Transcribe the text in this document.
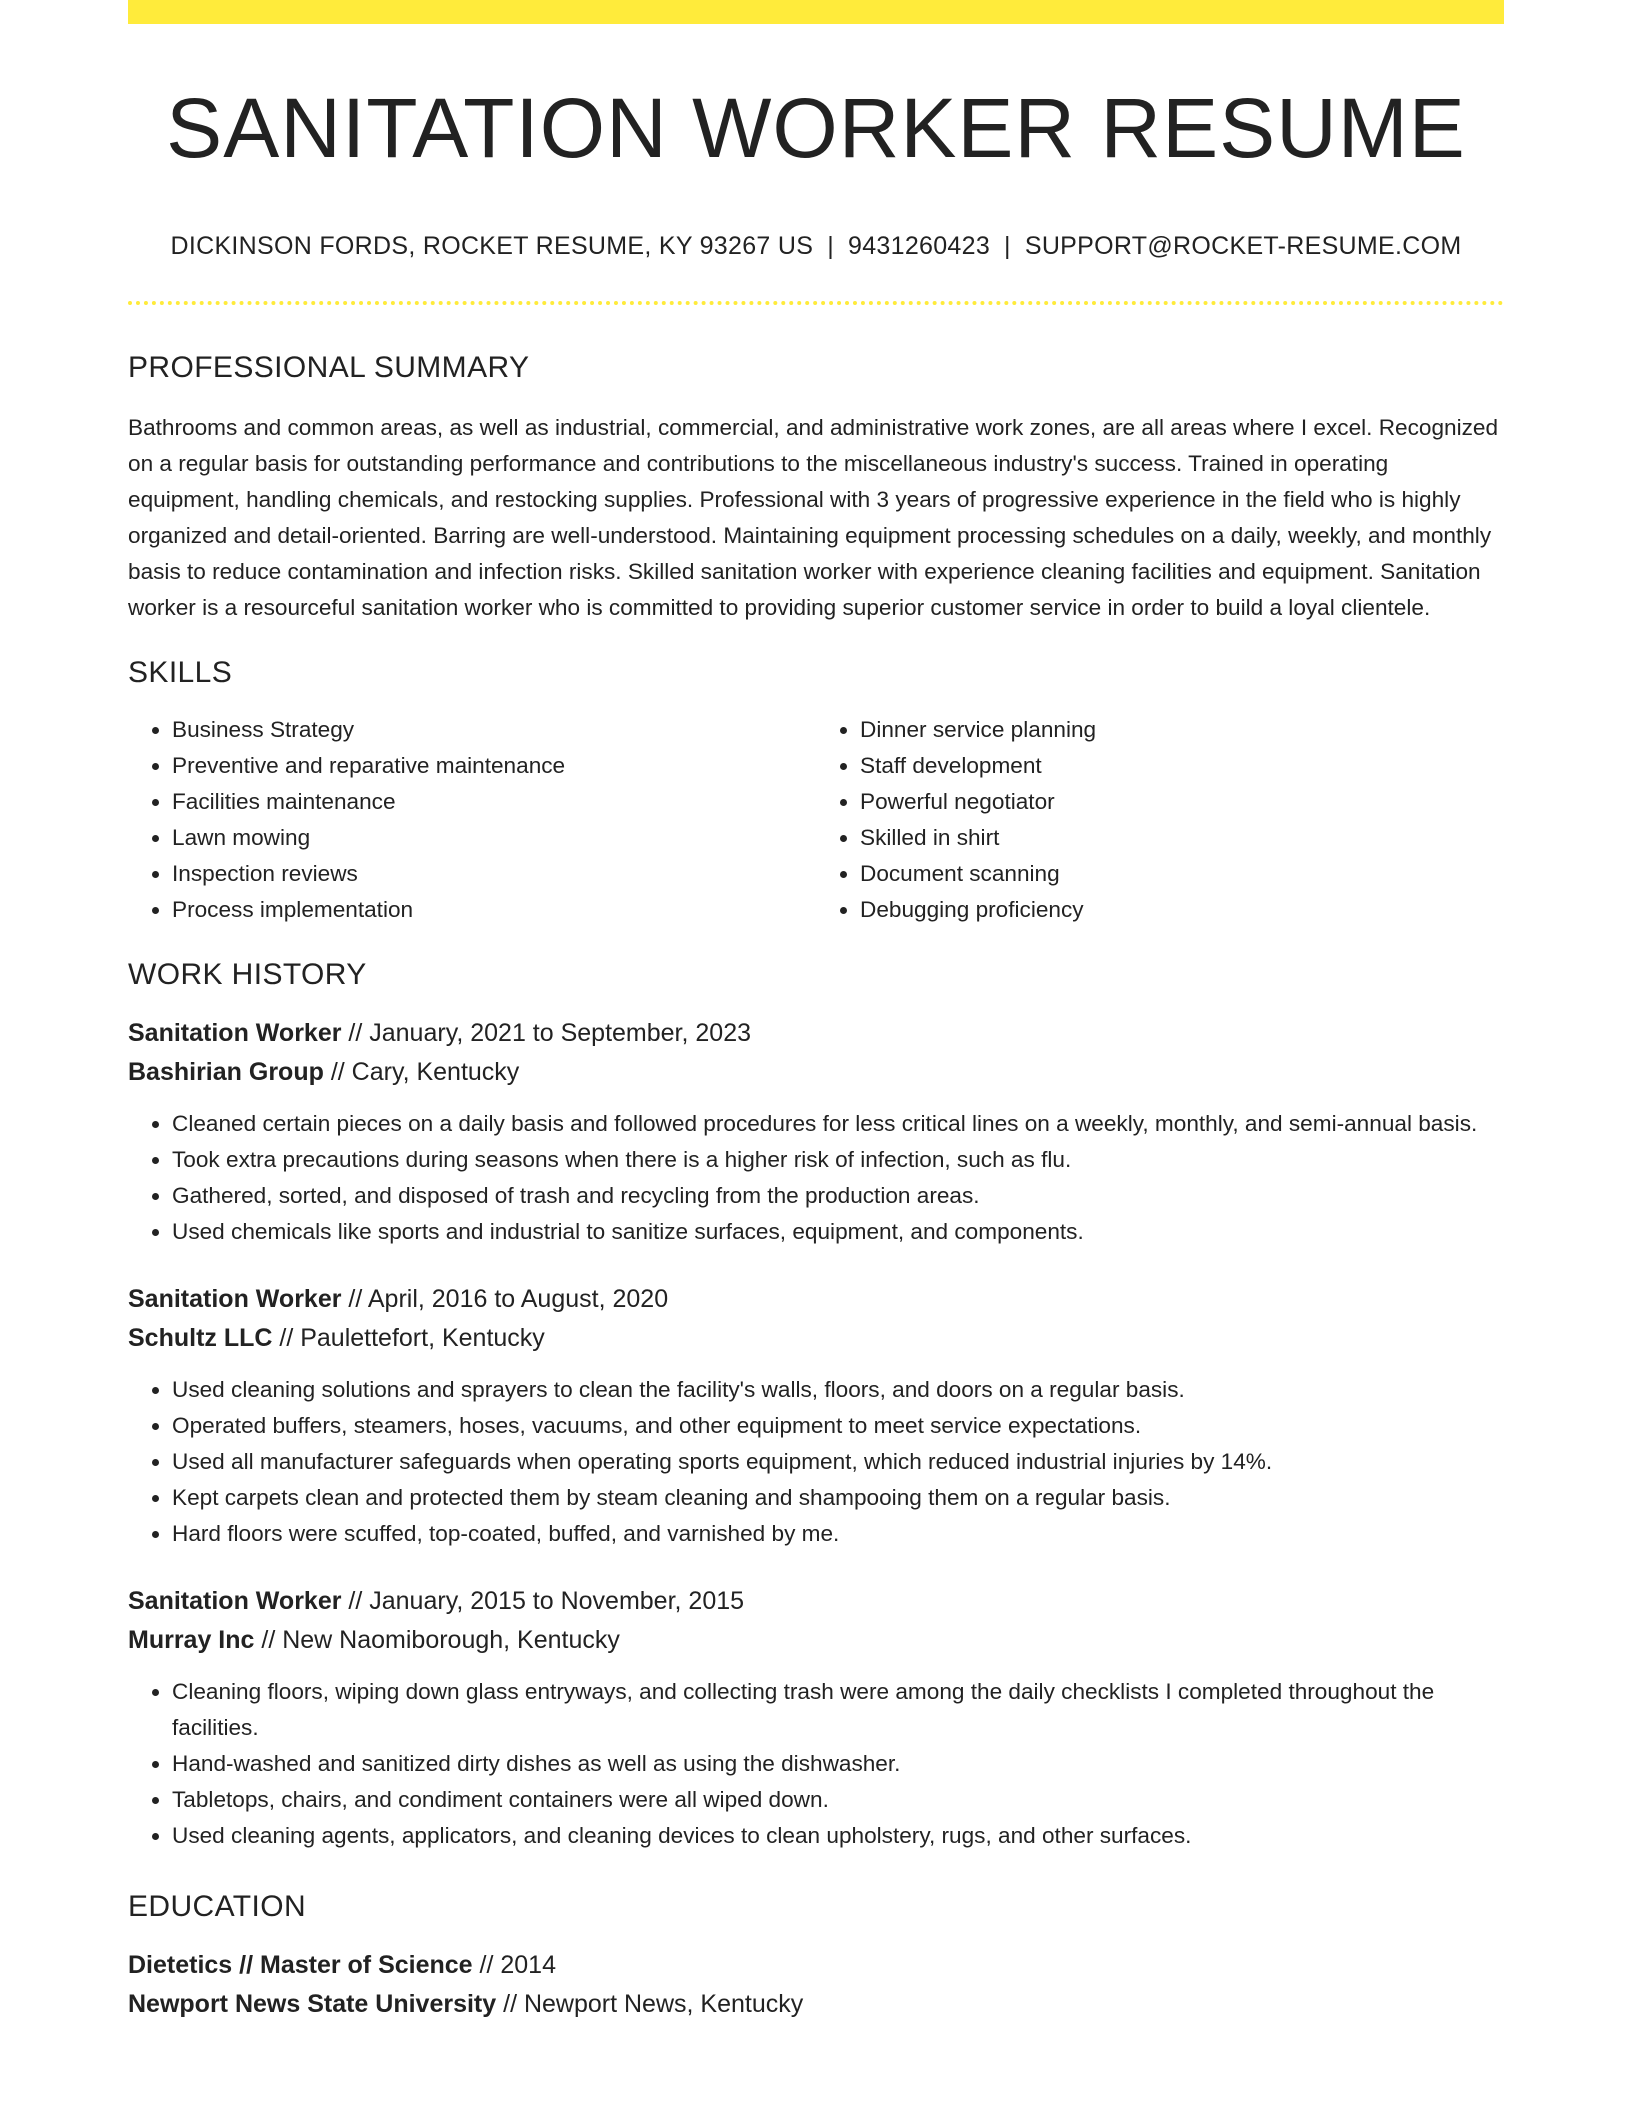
SANITATION WORKER RESUME
DICKINSON FORDS, ROCKET RESUME, KY 93267 US | 9431260423 | SUPPORT@ROCKET-RESUME.COM
PROFESSIONAL SUMMARY

Bathrooms and common areas, as well as industrial, commercial, and administrative work zones, are all areas where I excel. Recognized on a regular basis for outstanding performance and contributions to the miscellaneous industry's success. Trained in operating equipment, handling chemicals, and restocking supplies. Professional with 3 years of progressive experience in the field who is highly organized and detail-oriented. Barring are well-understood. Maintaining equipment processing schedules on a daily, weekly, and monthly basis to reduce contamination and infection risks. Skilled sanitation worker with experience cleaning facilities and equipment. Sanitation worker is a resourceful sanitation worker who is committed to providing superior customer service in order to build a loyal clientele.

SKILLS
• Business Strategy
• Preventive and reparative maintenance
• Facilities maintenance
• Lawn mowing
• Inspection reviews
• Process implementation
• Dinner service planning
• Staff development
• Powerful negotiator
• Skilled in shirt
• Document scanning
• Debugging proficiency
WORK HISTORY
Sanitation Worker // January, 2021 to September, 2023
Bashirian Group // Cary, Kentucky
• Cleaned certain pieces on a daily basis and followed procedures for less critical lines on a weekly, monthly, and semi-annual basis.
• Took extra precautions during seasons when there is a higher risk of infection, such as flu.
• Gathered, sorted, and disposed of trash and recycling from the production areas.
• Used chemicals like sports and industrial to sanitize surfaces, equipment, and components.
Sanitation Worker // April, 2016 to August, 2020
Schultz LLC // Paulettefort, Kentucky
• Used cleaning solutions and sprayers to clean the facility's walls, floors, and doors on a regular basis.
• Operated buffers, steamers, hoses, vacuums, and other equipment to meet service expectations.
• Used all manufacturer safeguards when operating sports equipment, which reduced industrial injuries by 14%.
• Kept carpets clean and protected them by steam cleaning and shampooing them on a regular basis.
• Hard floors were scuffed, top-coated, buffed, and varnished by me.
Sanitation Worker // January, 2015 to November, 2015
Murray Inc // New Naomiborough, Kentucky
• Cleaning floors, wiping down glass entryways, and collecting trash were among the daily checklists I completed throughout the facilities.
• Hand-washed and sanitized dirty dishes as well as using the dishwasher.
• Tabletops, chairs, and condiment containers were all wiped down.
• Used cleaning agents, applicators, and cleaning devices to clean upholstery, rugs, and other surfaces.
EDUCATION
Dietetics // Master of Science // 2014
Newport News State University // Newport News, Kentucky
